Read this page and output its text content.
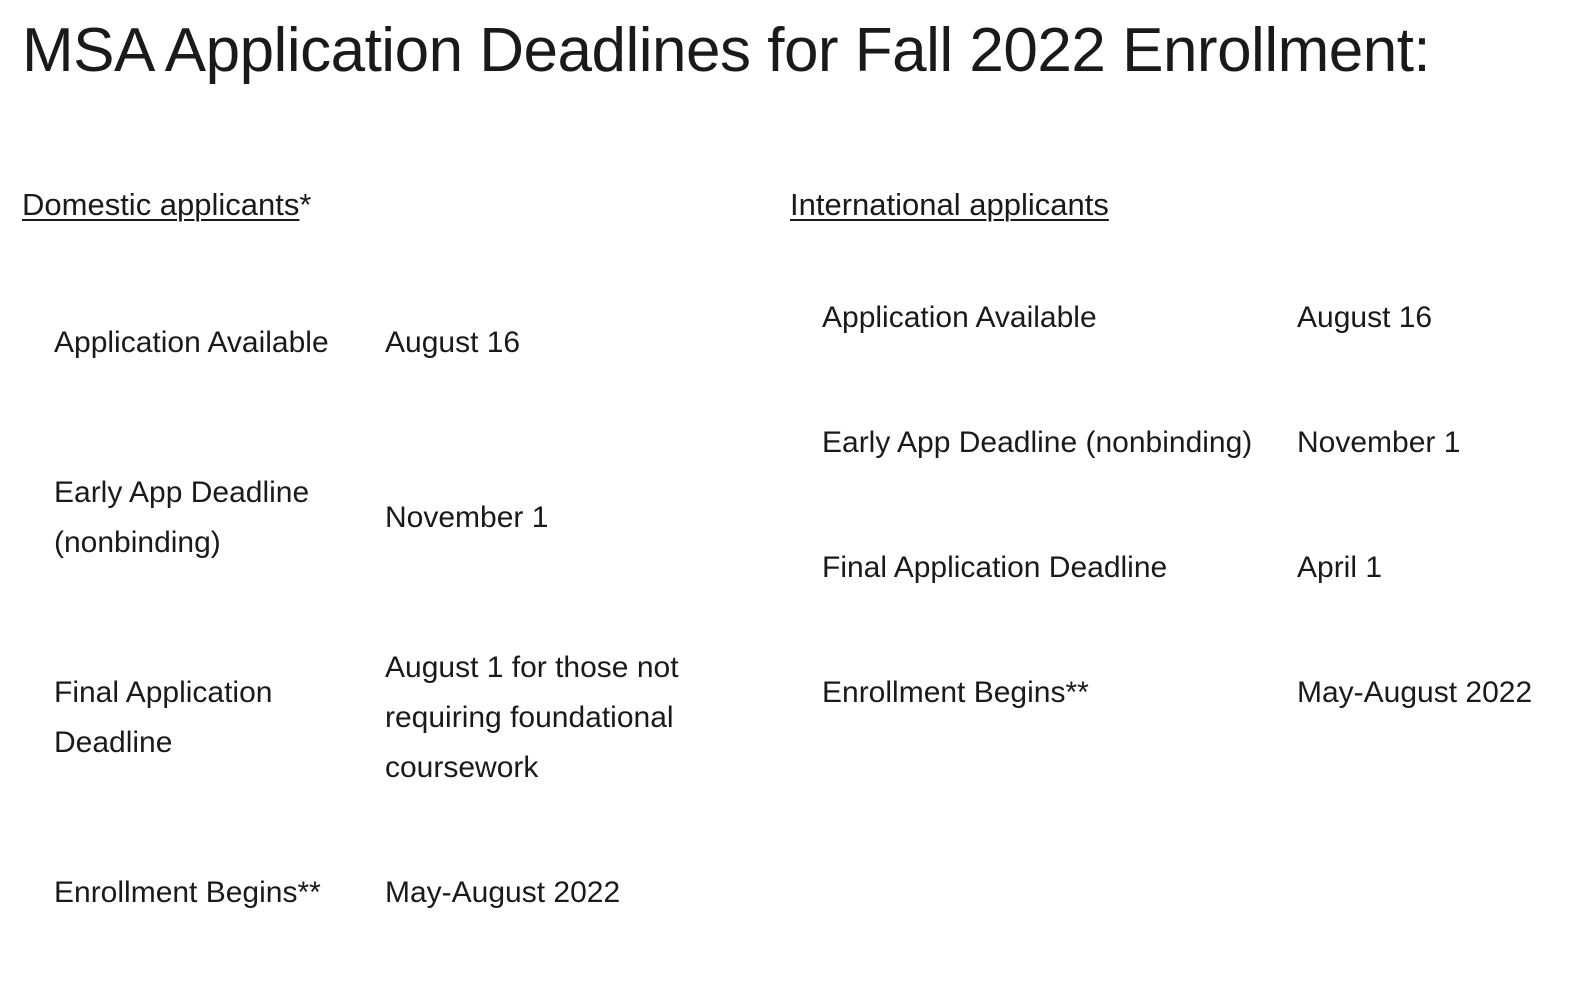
MSA Application Deadlines for Fall 2022 Enrollment:
Domestic applicants*	International applicants
Application Available	August 16

Early App Deadline (nonbinding)	November 1

Final Application Deadline	August 1 for those not requiring foundational coursework

Enrollment Begins**	May-August 2022
Application Available	August 16

Early App Deadline (nonbinding)	November 1

Final Application Deadline	April 1

Enrollment Begins**	May-August 2022
